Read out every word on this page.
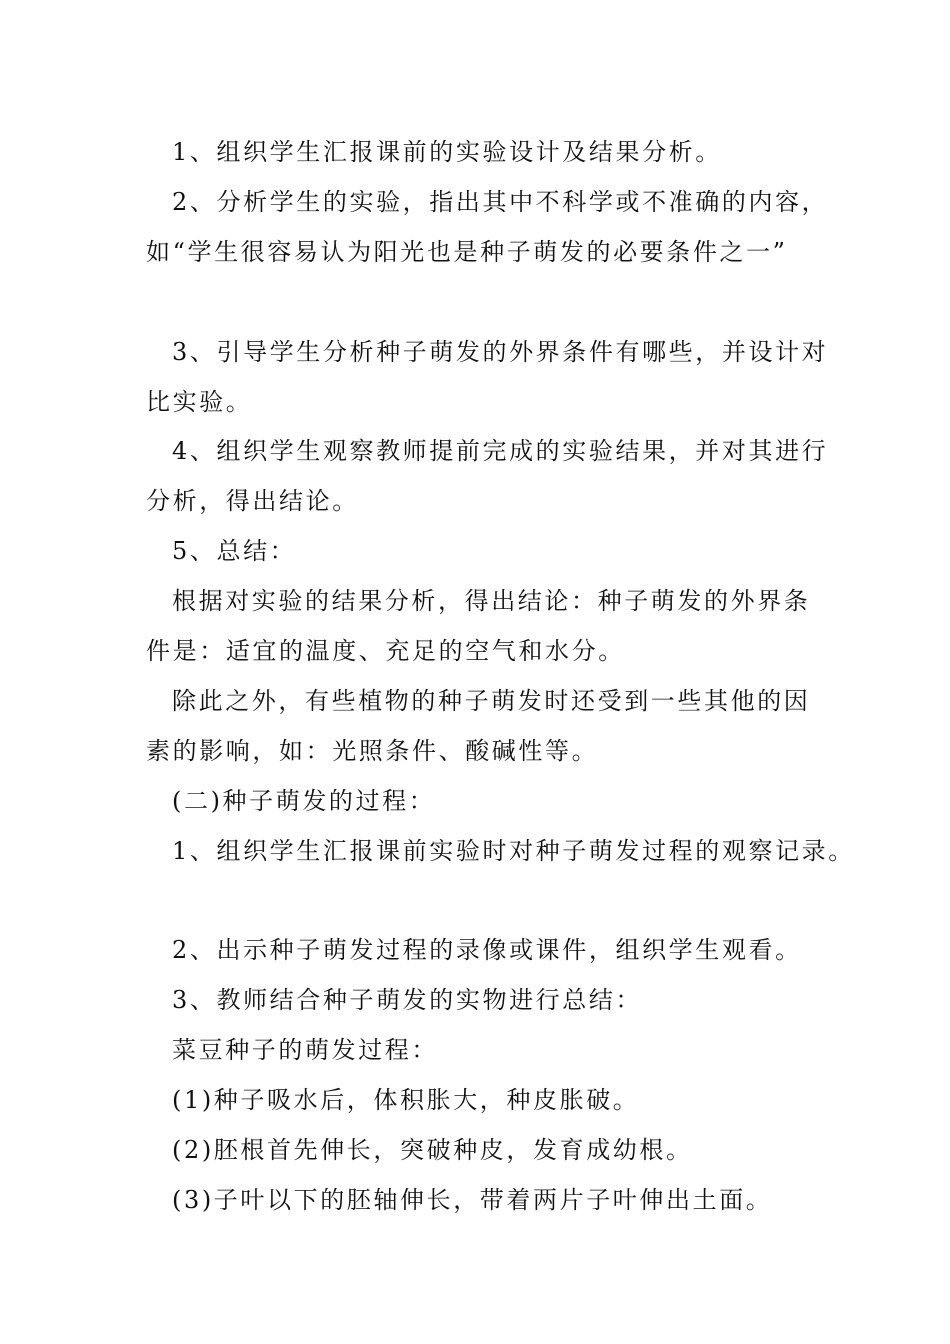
1、组织学生汇报课前的实验设计及结果分析。
2、分析学生的实验，指出其中不科学或不准确的内容，
如“学生很容易认为阳光也是种子萌发的必要条件之一”
3、引导学生分析种子萌发的外界条件有哪些，并设计对
比实验。
4、组织学生观察教师提前完成的实验结果，并对其进行
分析，得出结论。
5、总结：
根据对实验的结果分析，得出结论：种子萌发的外界条
件是：适宜的温度、充足的空气和水分。
除此之外，有些植物的种子萌发时还受到一些其他的因
素的影响，如：光照条件、酸碱性等。
(二)种子萌发的过程：
1、组织学生汇报课前实验时对种子萌发过程的观察记录。
2、出示种子萌发过程的录像或课件，组织学生观看。
3、教师结合种子萌发的实物进行总结：
菜豆种子的萌发过程：
(1)种子吸水后，体积胀大，种皮胀破。
(2)胚根首先伸长，突破种皮，发育成幼根。
(3)子叶以下的胚轴伸长，带着两片子叶伸出土面。
